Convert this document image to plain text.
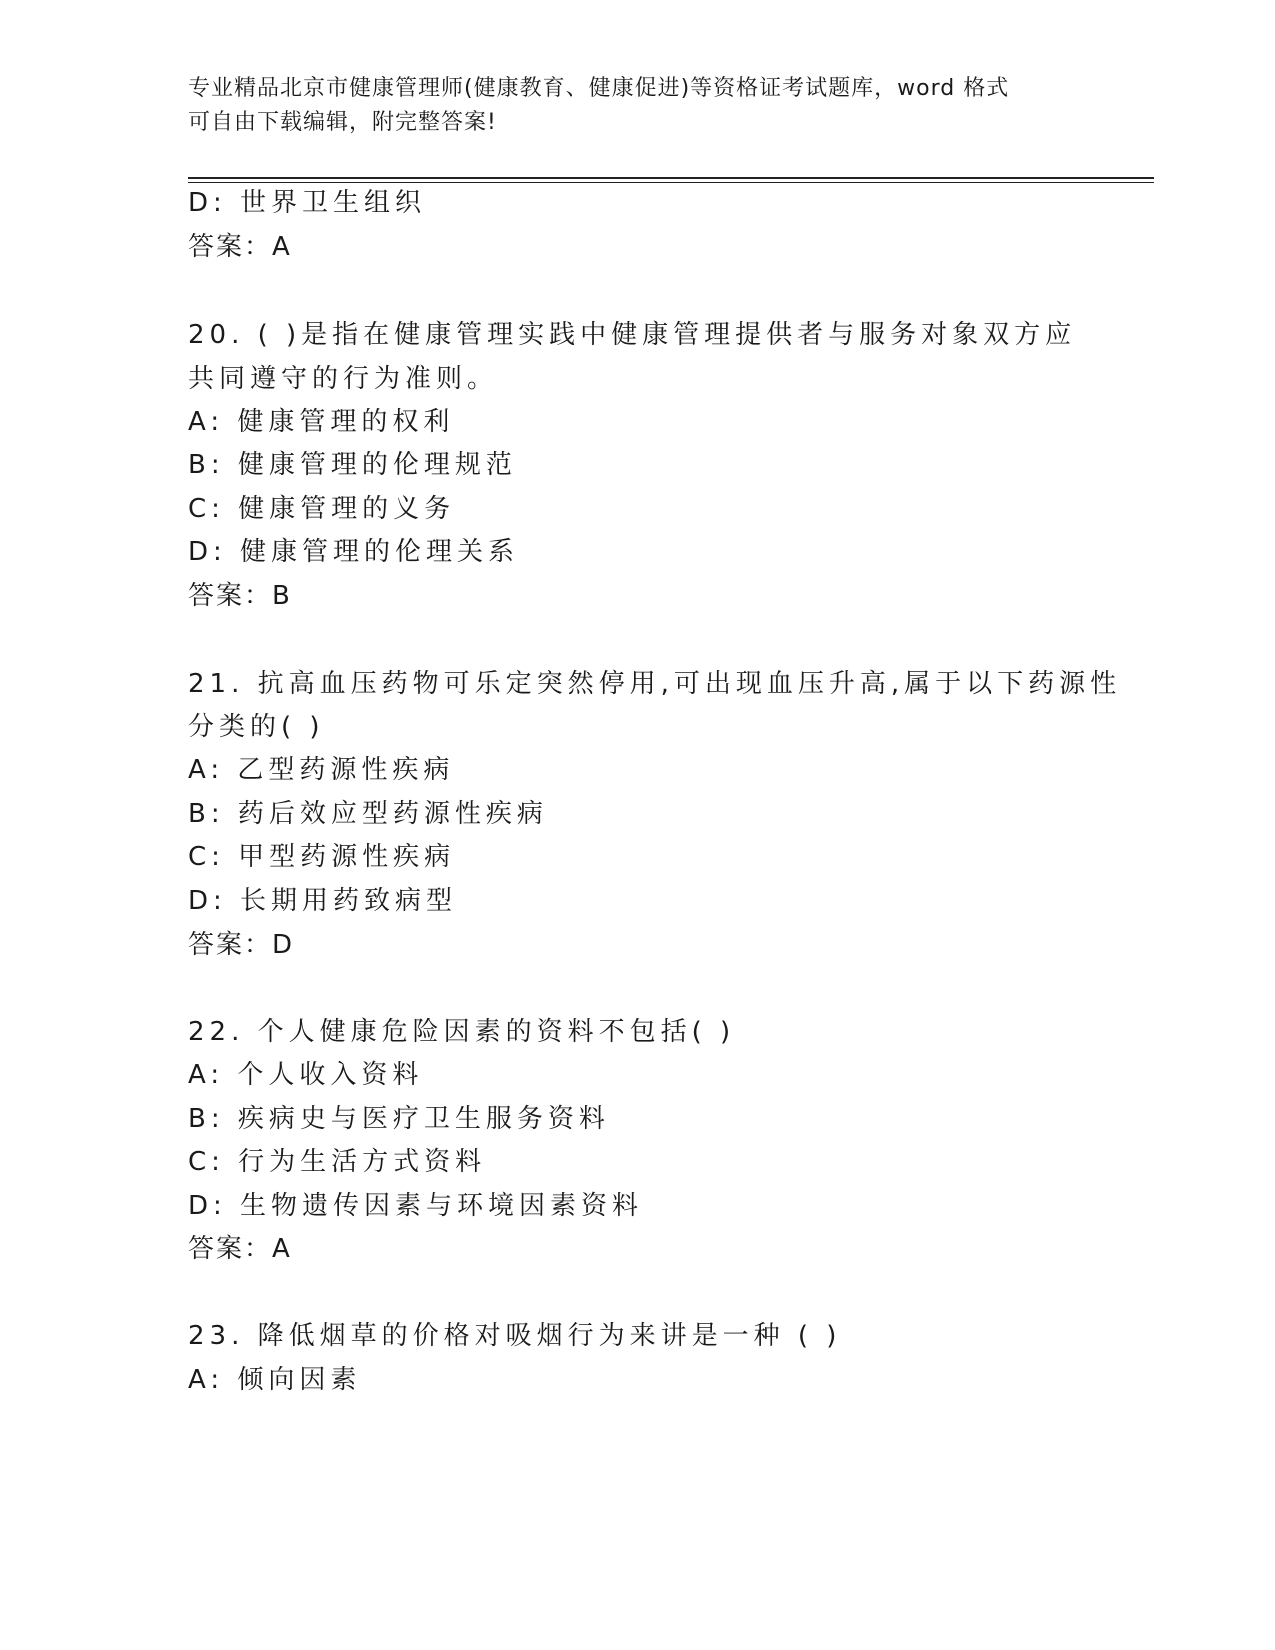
专业精品北京市健康管理师(健康教育、健康促进)等资格证考试题库，word 格式
可自由下载编辑，附完整答案!
D: 世界卫生组织
答案：A
20. ( )是指在健康管理实践中健康管理提供者与服务对象双方应
共同遵守的行为准则。
A: 健康管理的权利
B: 健康管理的伦理规范
C: 健康管理的义务
D: 健康管理的伦理关系
答案：B
21. 抗高血压药物可乐定突然停用,可出现血压升高,属于以下药源性
分类的( )
A: 乙型药源性疾病
B: 药后效应型药源性疾病
C: 甲型药源性疾病
D: 长期用药致病型
答案：D
22. 个人健康危险因素的资料不包括( )
A: 个人收入资料
B: 疾病史与医疗卫生服务资料
C: 行为生活方式资料
D: 生物遗传因素与环境因素资料
答案：A
23. 降低烟草的价格对吸烟行为来讲是一种 ( )
A: 倾向因素
